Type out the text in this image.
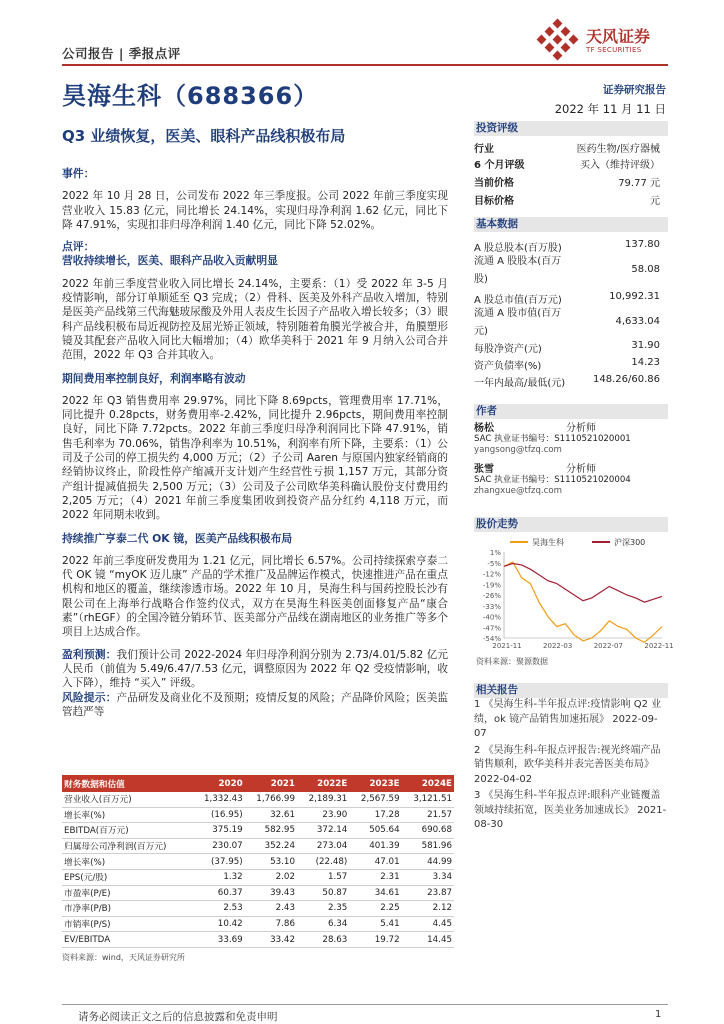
公司报告 | 季报点评
天风证券
TF SECURITIES
昊海生科（688366）	证券研究报告
2022 年 11 月 11 日
Q3 业绩恢复，医美、眼科产品线积极布局
事件：
2022 年 10 月 28 日，公司发布 2022 年三季度报。公司 2022 年前三季度实现营业收入 15.83 亿元，同比增长 24.14%，实现归母净利润 1.62 亿元，同比下降 47.91%，实现扣非归母净利润 1.40 亿元，同比下降 52.02%。
点评：
营收持续增长，医美、眼科产品收入贡献明显
2022 年前三季度营业收入同比增长 24.14%，主要系：（1）受 2022 年 3-5 月疫情影响，部分订单顺延至 Q3 完成；（2）骨科、医美及外科产品收入增加，特别是医美产品线第三代海魅玻尿酸及外用人表皮生长因子产品收入增长较多；（3）眼科产品线积极布局近视防控及屈光矫正领域，特别随着角膜光学被合并，角膜塑形镜及其配套产品收入同比大幅增加；（4）欧华美科于 2021 年 9 月纳入公司合并范围，2022 年 Q3 合并其收入。
期间费用率控制良好，利润率略有波动
2022 年 Q3 销售费用率 29.97%，同比下降 8.69pcts，管理费用率 17.71%，同比提升 0.28pcts，财务费用率-2.42%，同比提升 2.96pcts，期间费用率控制良好，同比下降 7.72pcts。2022 年前三季度归母净利润同比下降 47.91%，销售毛利率为 70.06%，销售净利率为 10.51%，利润率有所下降，主要系：（1）公司及子公司的停工损失约 4,000 万元；（2）子公司 Aaren 与原国内独家经销商的经销协议终止，阶段性停产缩减开支计划产生经营性亏损 1,157 万元，其部分资产组计提减值损失 2,500 万元；（3）公司及子公司欧华美科确认股份支付费用约 2,205 万元；（4）2021 年前三季度集团收到投资产品分红约 4,118 万元，而 2022 年同期未收到。
持续推广亨泰二代 OK 镜，医美产品线积极布局
2022 年前三季度研发费用为 1.21 亿元，同比增长 6.57%。公司持续探索亨泰二代 OK 镜 “myOK 迈儿康” 产品的学术推广及品牌运作模式，快速推进产品在重点机构和地区的覆盖，继续渗透市场。2022 年 10 月，昊海生科与国药控股长沙有限公司在上海举行战略合作签约仪式，双方在昊海生科医美创面修复产品“康合素”（rhEGF）的全国冷链分销环节、医美部分产品线在湖南地区的业务推广等多个项目上达成合作。
盈利预测：我们预计公司 2022-2024 年归母净利润分别为 2.73/4.01/5.82 亿元人民币（前值为 5.49/6.47/7.53 亿元，调整原因为 2022 年 Q2 受疫情影响，收入下降），维持 “买入” 评级。
风险提示：产品研发及商业化不及预期；疫情反复的风险；产品降价风险；医美监管趋严等
财务数据和估值	2020	2021	2022E	2023E	2024E
营业收入(百万元)	1,332.43	1,766.99	2,189.31	2,567.59	3,121.51
增长率(%)	(16.95)	32.61	23.90	17.28	21.57
EBITDA(百万元)	375.19	582.95	372.14	505.64	690.68
归属母公司净利润(百万元)	230.07	352.24	273.04	401.39	581.96
增长率(%)	(37.95)	53.10	(22.48)	47.01	44.99
EPS(元/股)	1.32	2.02	1.57	2.31	3.34
市盈率(P/E)	60.37	39.43	50.87	34.61	23.87
市净率(P/B)	2.53	2.43	2.35	2.25	2.12
市销率(P/S)	10.42	7.86	6.34	5.41	4.45
EV/EBITDA	33.69	33.42	28.63	19.72	14.45
资料来源：wind，天风证券研究所
投资评级
行业	医药生物/医疗器械
6 个月评级	买入（维持评级）
当前价格	79.77 元
目标价格	元
基本数据
A 股总股本(百万股)	137.80
流通 A 股股本(百万股)
58.08
A 股总市值(百万元)	10,992.31
流通 A 股市值(百万元)
4,633.04
每股净资产(元)	31.90
资产负债率(%)	14.23
一年内最高/最低(元)	148.26/60.86
作者
杨松	分析师
SAC 执业证书编号：S1110521020001
yangsong@tfzq.com
张雪	分析师
SAC 执业证书编号：S1110521020004
zhangxue@tfzq.com
股价走势
昊海生科	沪深300
1%
-5%
-12%
-19%
-26%
-33%
-40%
-47%
-54%
2021-11	2022-03	2022-07	2022-11
资料来源：聚源数据
相关报告
1 《昊海生科-半年报点评:疫情影响 Q2 业绩，ok 镜产品销售加速拓展》 2022-09-07
2 《昊海生科-年报点评报告:视光终端产品销售顺利，欧华美科并表完善医美布局》 2022-04-02
3 《昊海生科-半年报点评:眼科产业链覆盖领域持续拓宽，医美业务加速成长》 2021-08-30
请务必阅读正文之后的信息披露和免责申明	1
